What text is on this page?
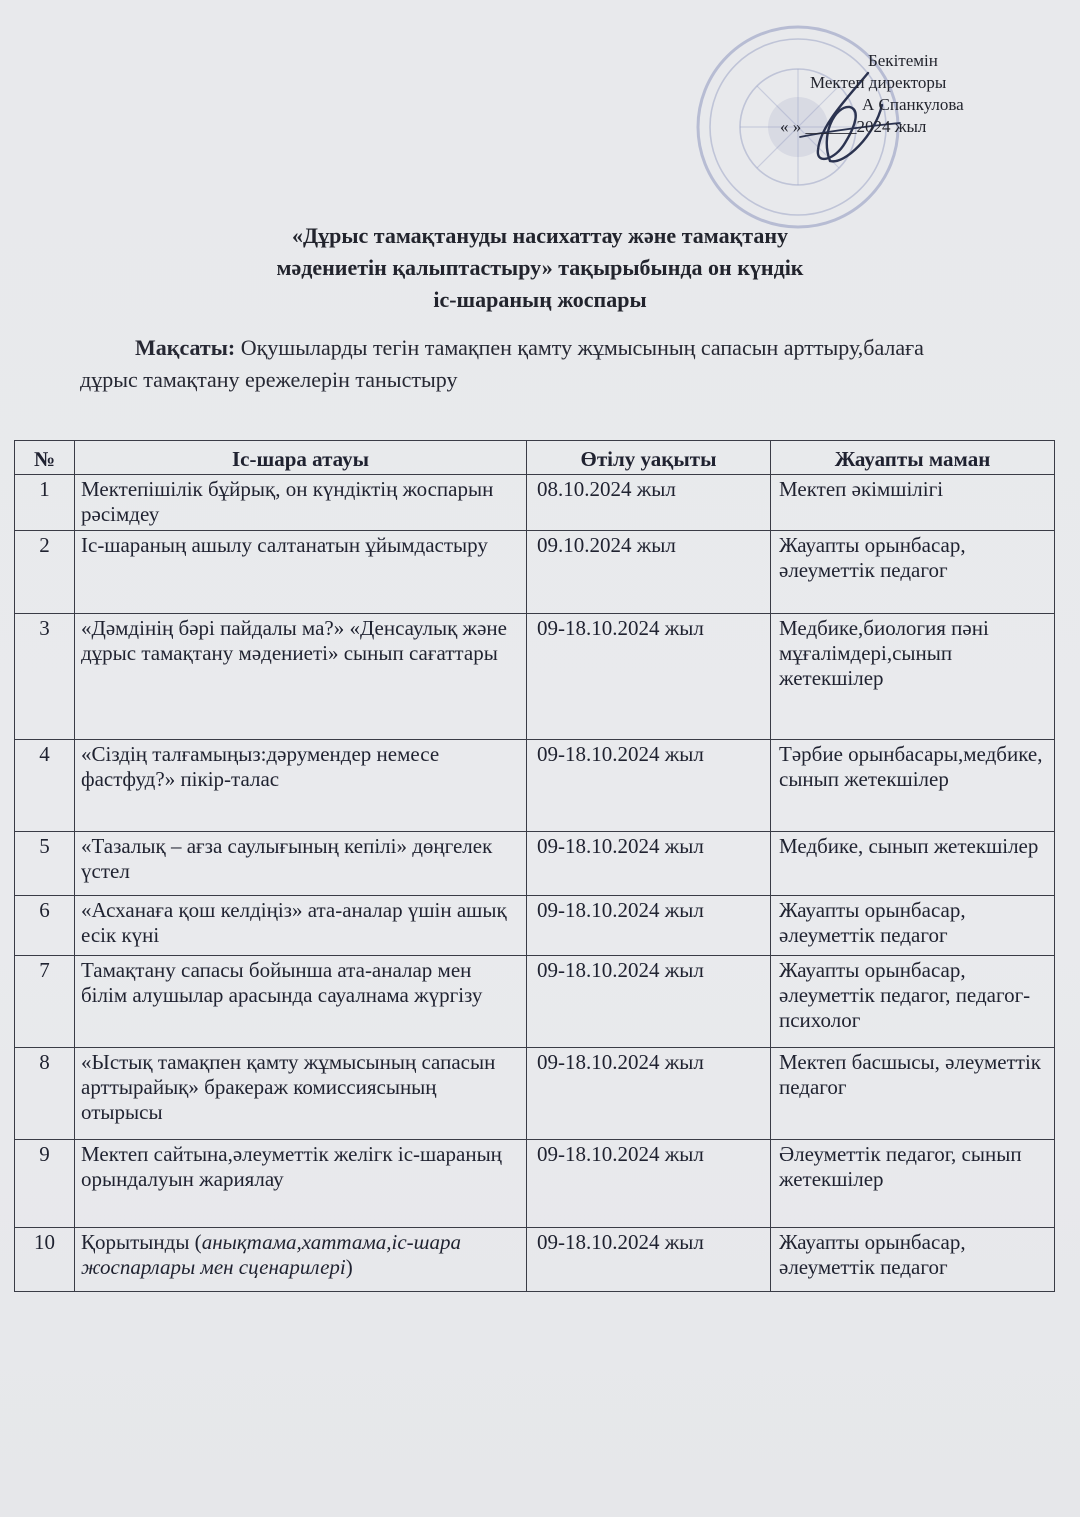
Бекітемін
Мектеп директоры
А Спанкулова
« » ______2024 жыл
«Дұрыс тамақтануды насихаттау және тамақтану
мәдениетін қалыптастыру» тақырыбында он күндік
іс-шараның жоспары
Мақсаты: Оқушыларды тегін тамақпен қамту жұмысының сапасын арттыру,балаға дұрыс тамақтану ережелерін таныстыру
№	Іс-шара атауы	Өтілу уақыты	Жауапты маман
1	Мектепішілік бұйрық, он күндіктің жоспарын рәсімдеу	08.10.2024 жыл	Мектеп әкімшілігі
2	Іс-шараның ашылу салтанатын ұйымдастыру	09.10.2024 жыл	Жауапты орынбасар, әлеуметтік педагог
3	«Дәмдінің бәрі пайдалы ма?» «Денсаулық және дұрыс тамақтану мәдениеті» сынып сағаттары	09-18.10.2024 жыл	Медбике,биология пәні мұғалімдері,сынып жетекшілер
4	«Сіздің талғамыңыз:дәрумендер немесе фастфуд?» пікір-талас	09-18.10.2024 жыл	Тәрбие орынбасары,медбике, сынып жетекшілер
5	«Тазалық – ағза саулығының кепілі» дөңгелек үстел	09-18.10.2024 жыл	Медбике, сынып жетекшілер
6	«Асханаға қош келдіңіз» ата-аналар үшін ашық есік күні	09-18.10.2024 жыл	Жауапты орынбасар, әлеуметтік педагог
7	Тамақтану сапасы бойынша ата-аналар мен білім алушылар арасында сауалнама жүргізу	09-18.10.2024 жыл	Жауапты орынбасар, әлеуметтік педагог, педагог-психолог
8	«Ыстық тамақпен қамту жұмысының сапасын арттырайық» бракераж комиссиясының отырысы	09-18.10.2024 жыл	Мектеп басшысы, әлеуметтік педагог
9	Мектеп сайтына,әлеуметтік желігк іс-шараның орындалуын жариялау	09-18.10.2024 жыл	Әлеуметтік педагог, сынып жетекшілер
10	Қорытынды (анықтама,хаттама,іс-шара жоспарлары мен сценарилері)	09-18.10.2024 жыл	Жауапты орынбасар, әлеуметтік педагог
